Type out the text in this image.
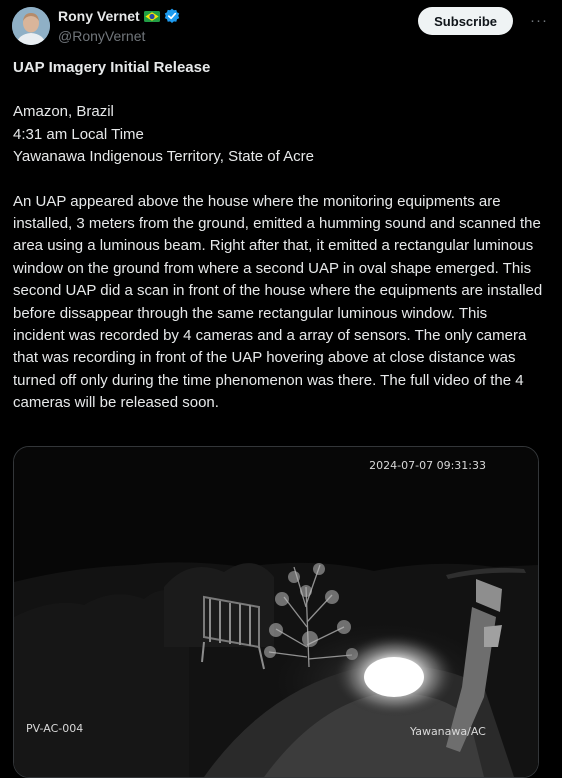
Rony Vernet
@RonyVernet
Subscribe	···

UAP Imagery Initial Release

Amazon, Brazil

4:31 am Local Time

Yawanawa Indigenous Territory, State of Acre

An UAP appeared above the house where the monitoring equipments are installed, 3 meters from the ground, emitted a humming sound and scanned the area using a luminous beam. Right after that, it emitted a rectangular luminous window on the ground from where a second UAP in oval shape emerged. This second UAP did a scan in front of the house where the equipments are installed before dissappear through the same rectangular luminous window. This incident was recorded by 4 cameras and a array of sensors. The only camera that was recording in front of the UAP hovering above at close distance was turned off only during the time phenomenon was there. The full video of the 4 cameras will be released soon.

2024-07-07 09:31:33
PV-AC-004	Yawanawa/AC
